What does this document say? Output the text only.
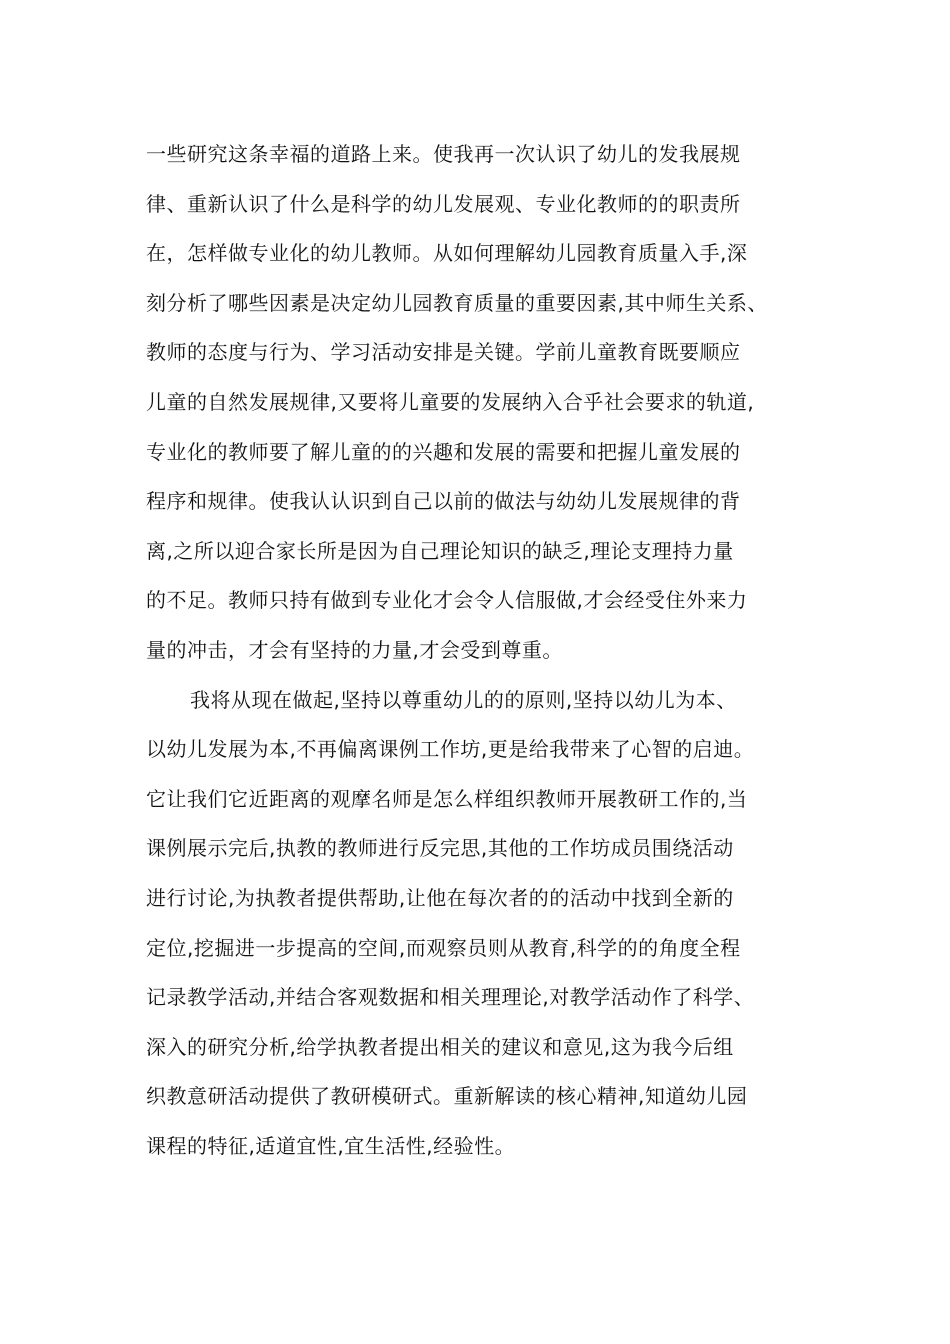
一些研究这条幸福的道路上来。使我再一次认识了幼儿的发我展规
律、重新认识了什么是科学的幼儿发展观、专业化教师的的职责所
在，怎样做专业化的幼儿教师。从如何理解幼儿园教育质量入手,深
刻分析了哪些因素是决定幼儿园教育质量的重要因素,其中师生关系、
教师的态度与行为、学习活动安排是关键。学前儿童教育既要顺应
儿童的自然发展规律,又要将儿童要的发展纳入合乎社会要求的轨道,
专业化的教师要了解儿童的的兴趣和发展的需要和把握儿童发展的
程序和规律。使我认认识到自己以前的做法与幼幼儿发展规律的背
离,之所以迎合家长所是因为自己理论知识的缺乏,理论支理持力量
的不足。教师只持有做到专业化才会令人信服做,才会经受住外来力
量的冲击，才会有坚持的力量,才会受到尊重。
我将从现在做起,坚持以尊重幼儿的的原则,坚持以幼儿为本、
以幼儿发展为本,不再偏离课例工作坊,更是给我带来了心智的启迪。
它让我们它近距离的观摩名师是怎么样组织教师开展教研工作的,当
课例展示完后,执教的教师进行反完思,其他的工作坊成员围绕活动
进行讨论,为执教者提供帮助,让他在每次者的的活动中找到全新的
定位,挖掘进一步提高的空间,而观察员则从教育,科学的的角度全程
记录教学活动,并结合客观数据和相关理理论,对教学活动作了科学、
深入的研究分析,给学执教者提出相关的建议和意见,这为我今后组
织教意研活动提供了教研模研式。重新解读的核心精神,知道幼儿园
课程的特征,适道宜性,宜生活性,经验性。
